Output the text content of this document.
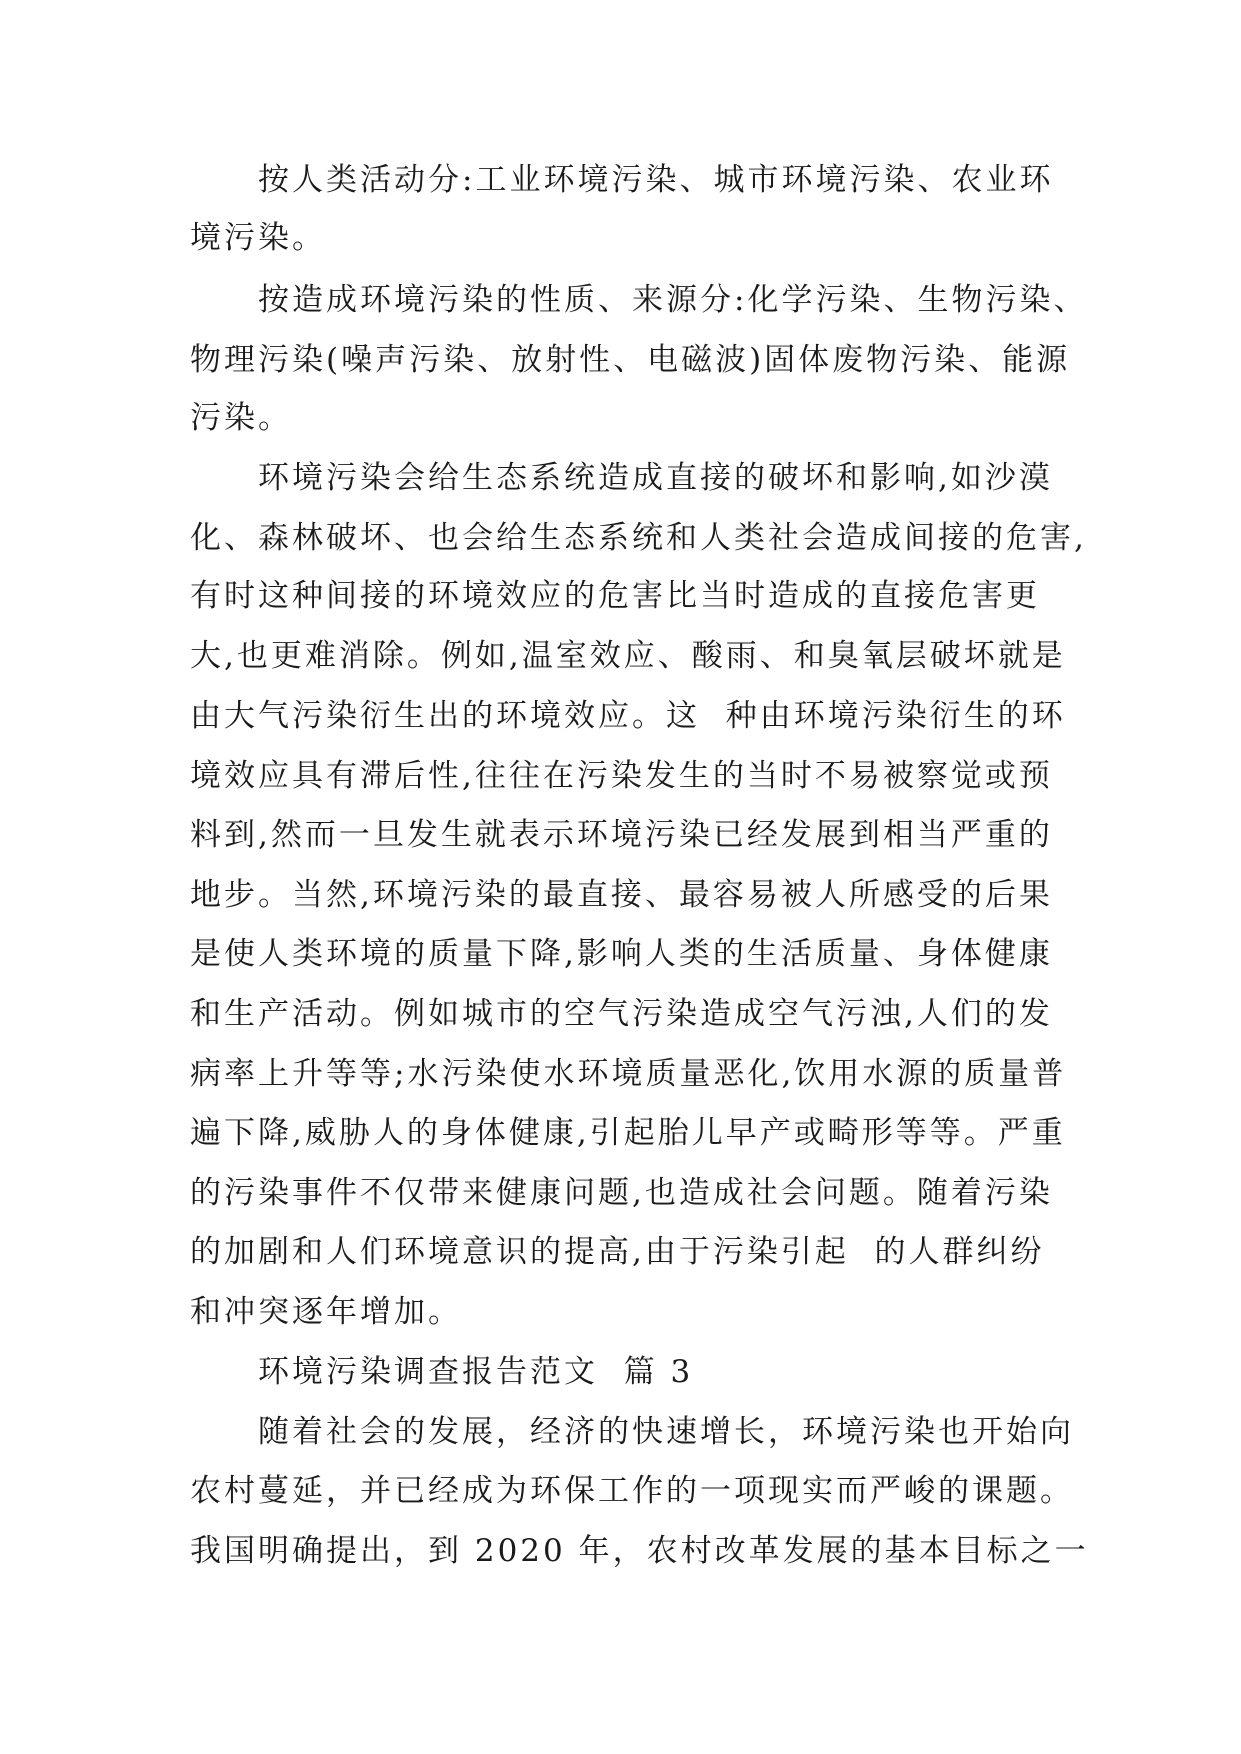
按人类活动分:工业环境污染、城市环境污染、农业环
境污染。
按造成环境污染的性质、来源分:化学污染、生物污染、
物理污染(噪声污染、放射性、电磁波)固体废物污染、能源
污染。
环境污染会给生态系统造成直接的破坏和影响,如沙漠
化、森林破坏、也会给生态系统和人类社会造成间接的危害,
有时这种间接的环境效应的危害比当时造成的直接危害更
大,也更难消除。例如,温室效应、酸雨、和臭氧层破坏就是
由大气污染衍生出的环境效应。这  种由环境污染衍生的环
境效应具有滞后性,往往在污染发生的当时不易被察觉或预
料到,然而一旦发生就表示环境污染已经发展到相当严重的
地步。当然,环境污染的最直接、最容易被人所感受的后果
是使人类环境的质量下降,影响人类的生活质量、身体健康
和生产活动。例如城市的空气污染造成空气污浊,人们的发
病率上升等等;水污染使水环境质量恶化,饮用水源的质量普
遍下降,威胁人的身体健康,引起胎儿早产或畸形等等。严重
的污染事件不仅带来健康问题,也造成社会问题。随着污染
的加剧和人们环境意识的提高,由于污染引起  的人群纠纷
和冲突逐年增加。
环境污染调查报告范文  篇 3
随着社会的发展，经济的快速增长，环境污染也开始向
农村蔓延，并已经成为环保工作的一项现实而严峻的课题。
我国明确提出，到 2020 年，农村改革发展的基本目标之一
